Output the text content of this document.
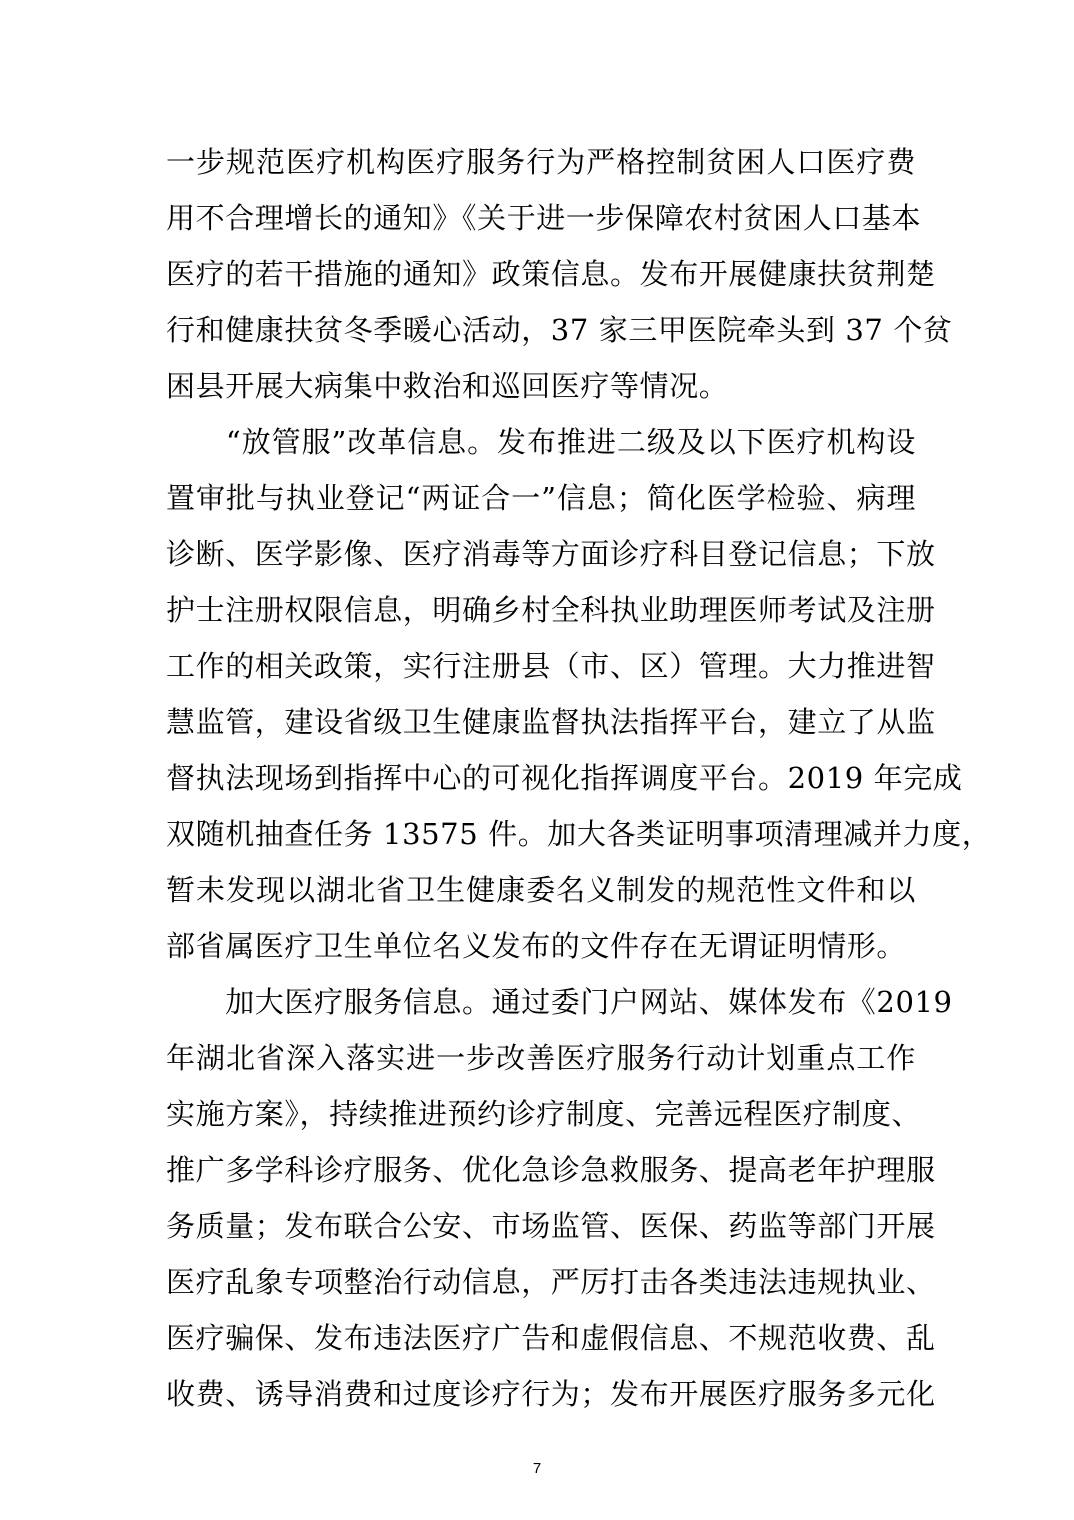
一步规范医疗机构医疗服务行为严格控制贫困人口医疗费
用不合理增长的通知》《关于进一步保障农村贫困人口基本
医疗的若干措施的通知》政策信息。发布开展健康扶贫荆楚
行和健康扶贫冬季暖心活动，37 家三甲医院牵头到 37 个贫
困县开展大病集中救治和巡回医疗等情况。
　　“放管服”改革信息。发布推进二级及以下医疗机构设
置审批与执业登记“两证合一”信息；简化医学检验、病理
诊断、医学影像、医疗消毒等方面诊疗科目登记信息；下放
护士注册权限信息，明确乡村全科执业助理医师考试及注册
工作的相关政策，实行注册县（市、区）管理。大力推进智
慧监管，建设省级卫生健康监督执法指挥平台，建立了从监
督执法现场到指挥中心的可视化指挥调度平台。2019 年完成
双随机抽查任务 13575 件。加大各类证明事项清理减并力度，
暂未发现以湖北省卫生健康委名义制发的规范性文件和以
部省属医疗卫生单位名义发布的文件存在无谓证明情形。
　　加大医疗服务信息。通过委门户网站、媒体发布《2019
年湖北省深入落实进一步改善医疗服务行动计划重点工作
实施方案》，持续推进预约诊疗制度、完善远程医疗制度、
推广多学科诊疗服务、优化急诊急救服务、提高老年护理服
务质量；发布联合公安、市场监管、医保、药监等部门开展
医疗乱象专项整治行动信息，严厉打击各类违法违规执业、
医疗骗保、发布违法医疗广告和虚假信息、不规范收费、乱
收费、诱导消费和过度诊疗行为；发布开展医疗服务多元化
7
